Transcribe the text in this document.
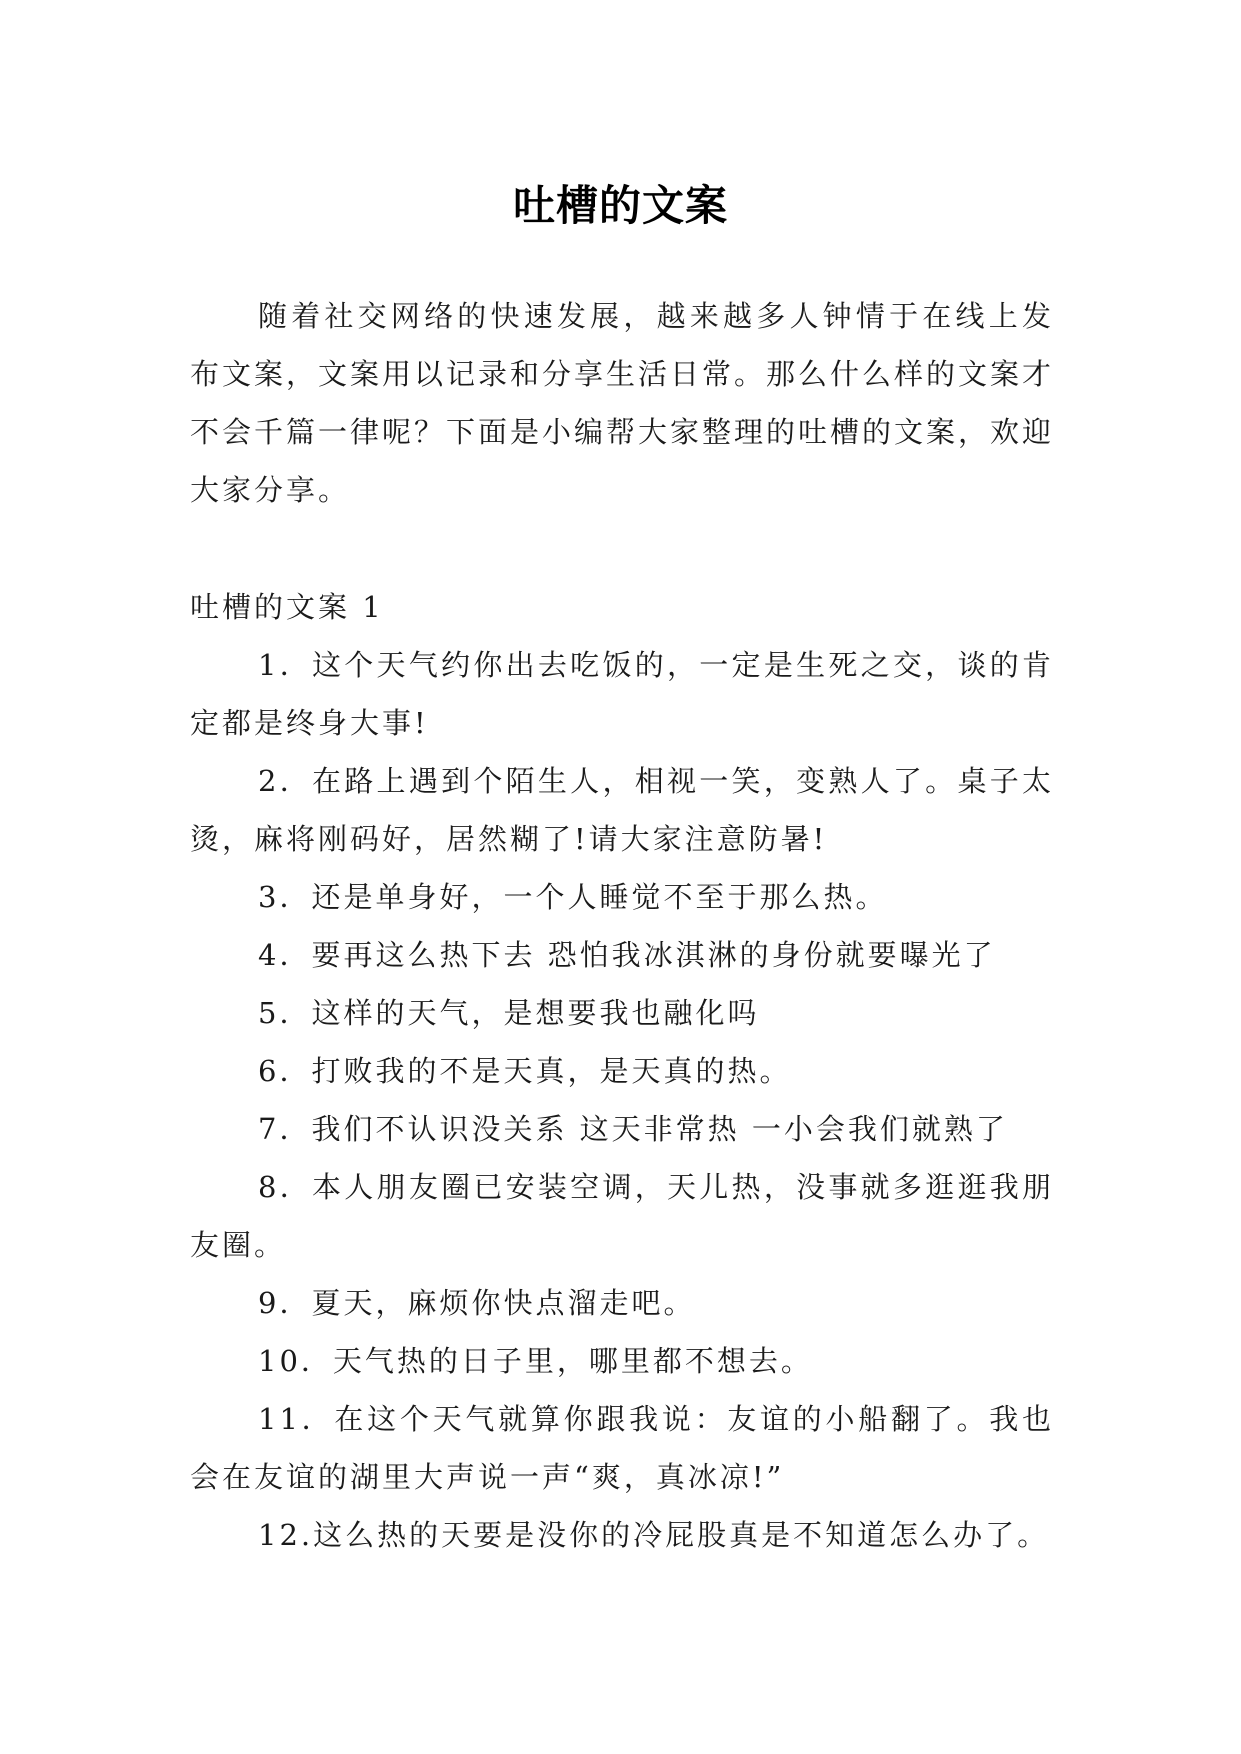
吐槽的文案

随着社交网络的快速发展，越来越多人钟情于在线上发布文案，文案用以记录和分享生活日常。那么什么样的文案才不会千篇一律呢？下面是小编帮大家整理的吐槽的文案，欢迎大家分享。

吐槽的文案 1

1．这个天气约你出去吃饭的，一定是生死之交，谈的肯定都是终身大事!

2．在路上遇到个陌生人，相视一笑，变熟人了。桌子太烫，麻将刚码好，居然糊了!请大家注意防暑!

3．还是单身好，一个人睡觉不至于那么热。

4．要再这么热下去 恐怕我冰淇淋的身份就要曝光了

5．这样的天气，是想要我也融化吗

6．打败我的不是天真，是天真的热。

7．我们不认识没关系 这天非常热 一小会我们就熟了

8．本人朋友圈已安装空调，天儿热，没事就多逛逛我朋友圈。

9．夏天，麻烦你快点溜走吧。

10．天气热的日子里，哪里都不想去。

11．在这个天气就算你跟我说：友谊的小船翻了。我也会在友谊的湖里大声说一声“爽，真冰凉!”

12.这么热的天要是没你的冷屁股真是不知道怎么办了。
